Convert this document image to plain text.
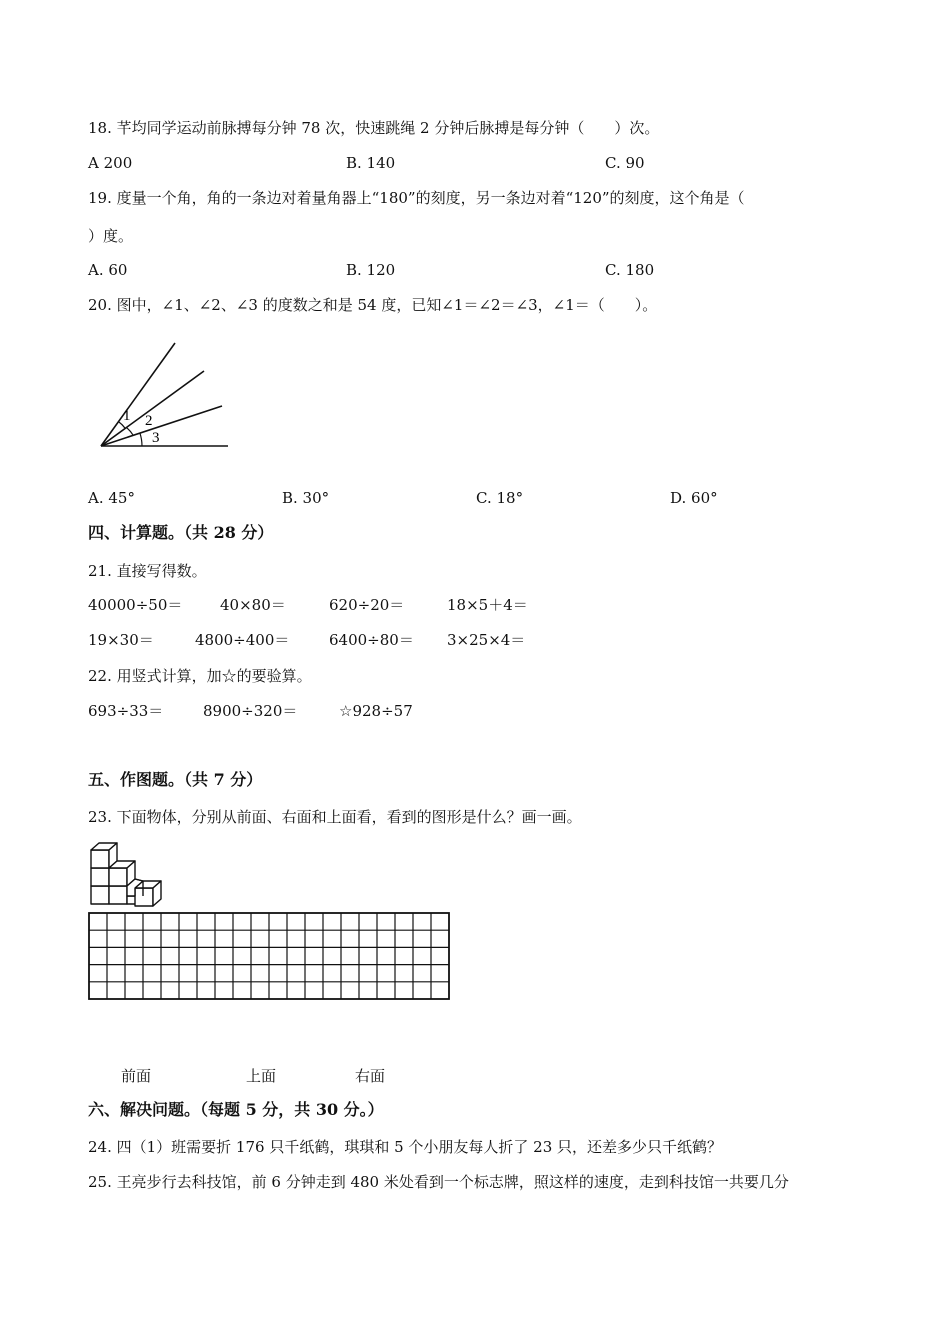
18. 芊均同学运动前脉搏每分钟 78 次，快速跳绳 2 分钟后脉搏是每分钟（　　）次。
A 200	B. 140	C. 90
19. 度量一个角，角的一条边对着量角器上“180”的刻度，另一条边对着“120”的刻度，这个角是（
）度。
A. 60	B. 120	C. 180
20. 图中，∠1、∠2、∠3 的度数之和是 54 度，已知∠1＝∠2＝∠3，∠1＝（　　）。
1 2
3
A. 45°	B. 30°	C. 18°	D. 60°
四、计算题。（共 28 分）
21. 直接写得数。
40000÷50＝	40×80＝	620÷20＝	18×5＋4＝
19×30＝	4800÷400＝	6400÷80＝ 3×25×4＝
22. 用竖式计算，加☆的要验算。
693÷33＝	8900÷320＝	☆928÷57
五、作图题。（共 7 分）
23. 下面物体，分别从前面、右面和上面看，看到的图形是什么？画一画。
前面	上面	右面
六、解决问题。（每题 5 分，共 30 分。）
24. 四（1）班需要折 176 只千纸鹤，琪琪和 5 个小朋友每人折了 23 只，还差多少只千纸鹤？
25. 王亮步行去科技馆，前 6 分钟走到 480 米处看到一个标志牌，照这样的速度，走到科技馆一共要几分
